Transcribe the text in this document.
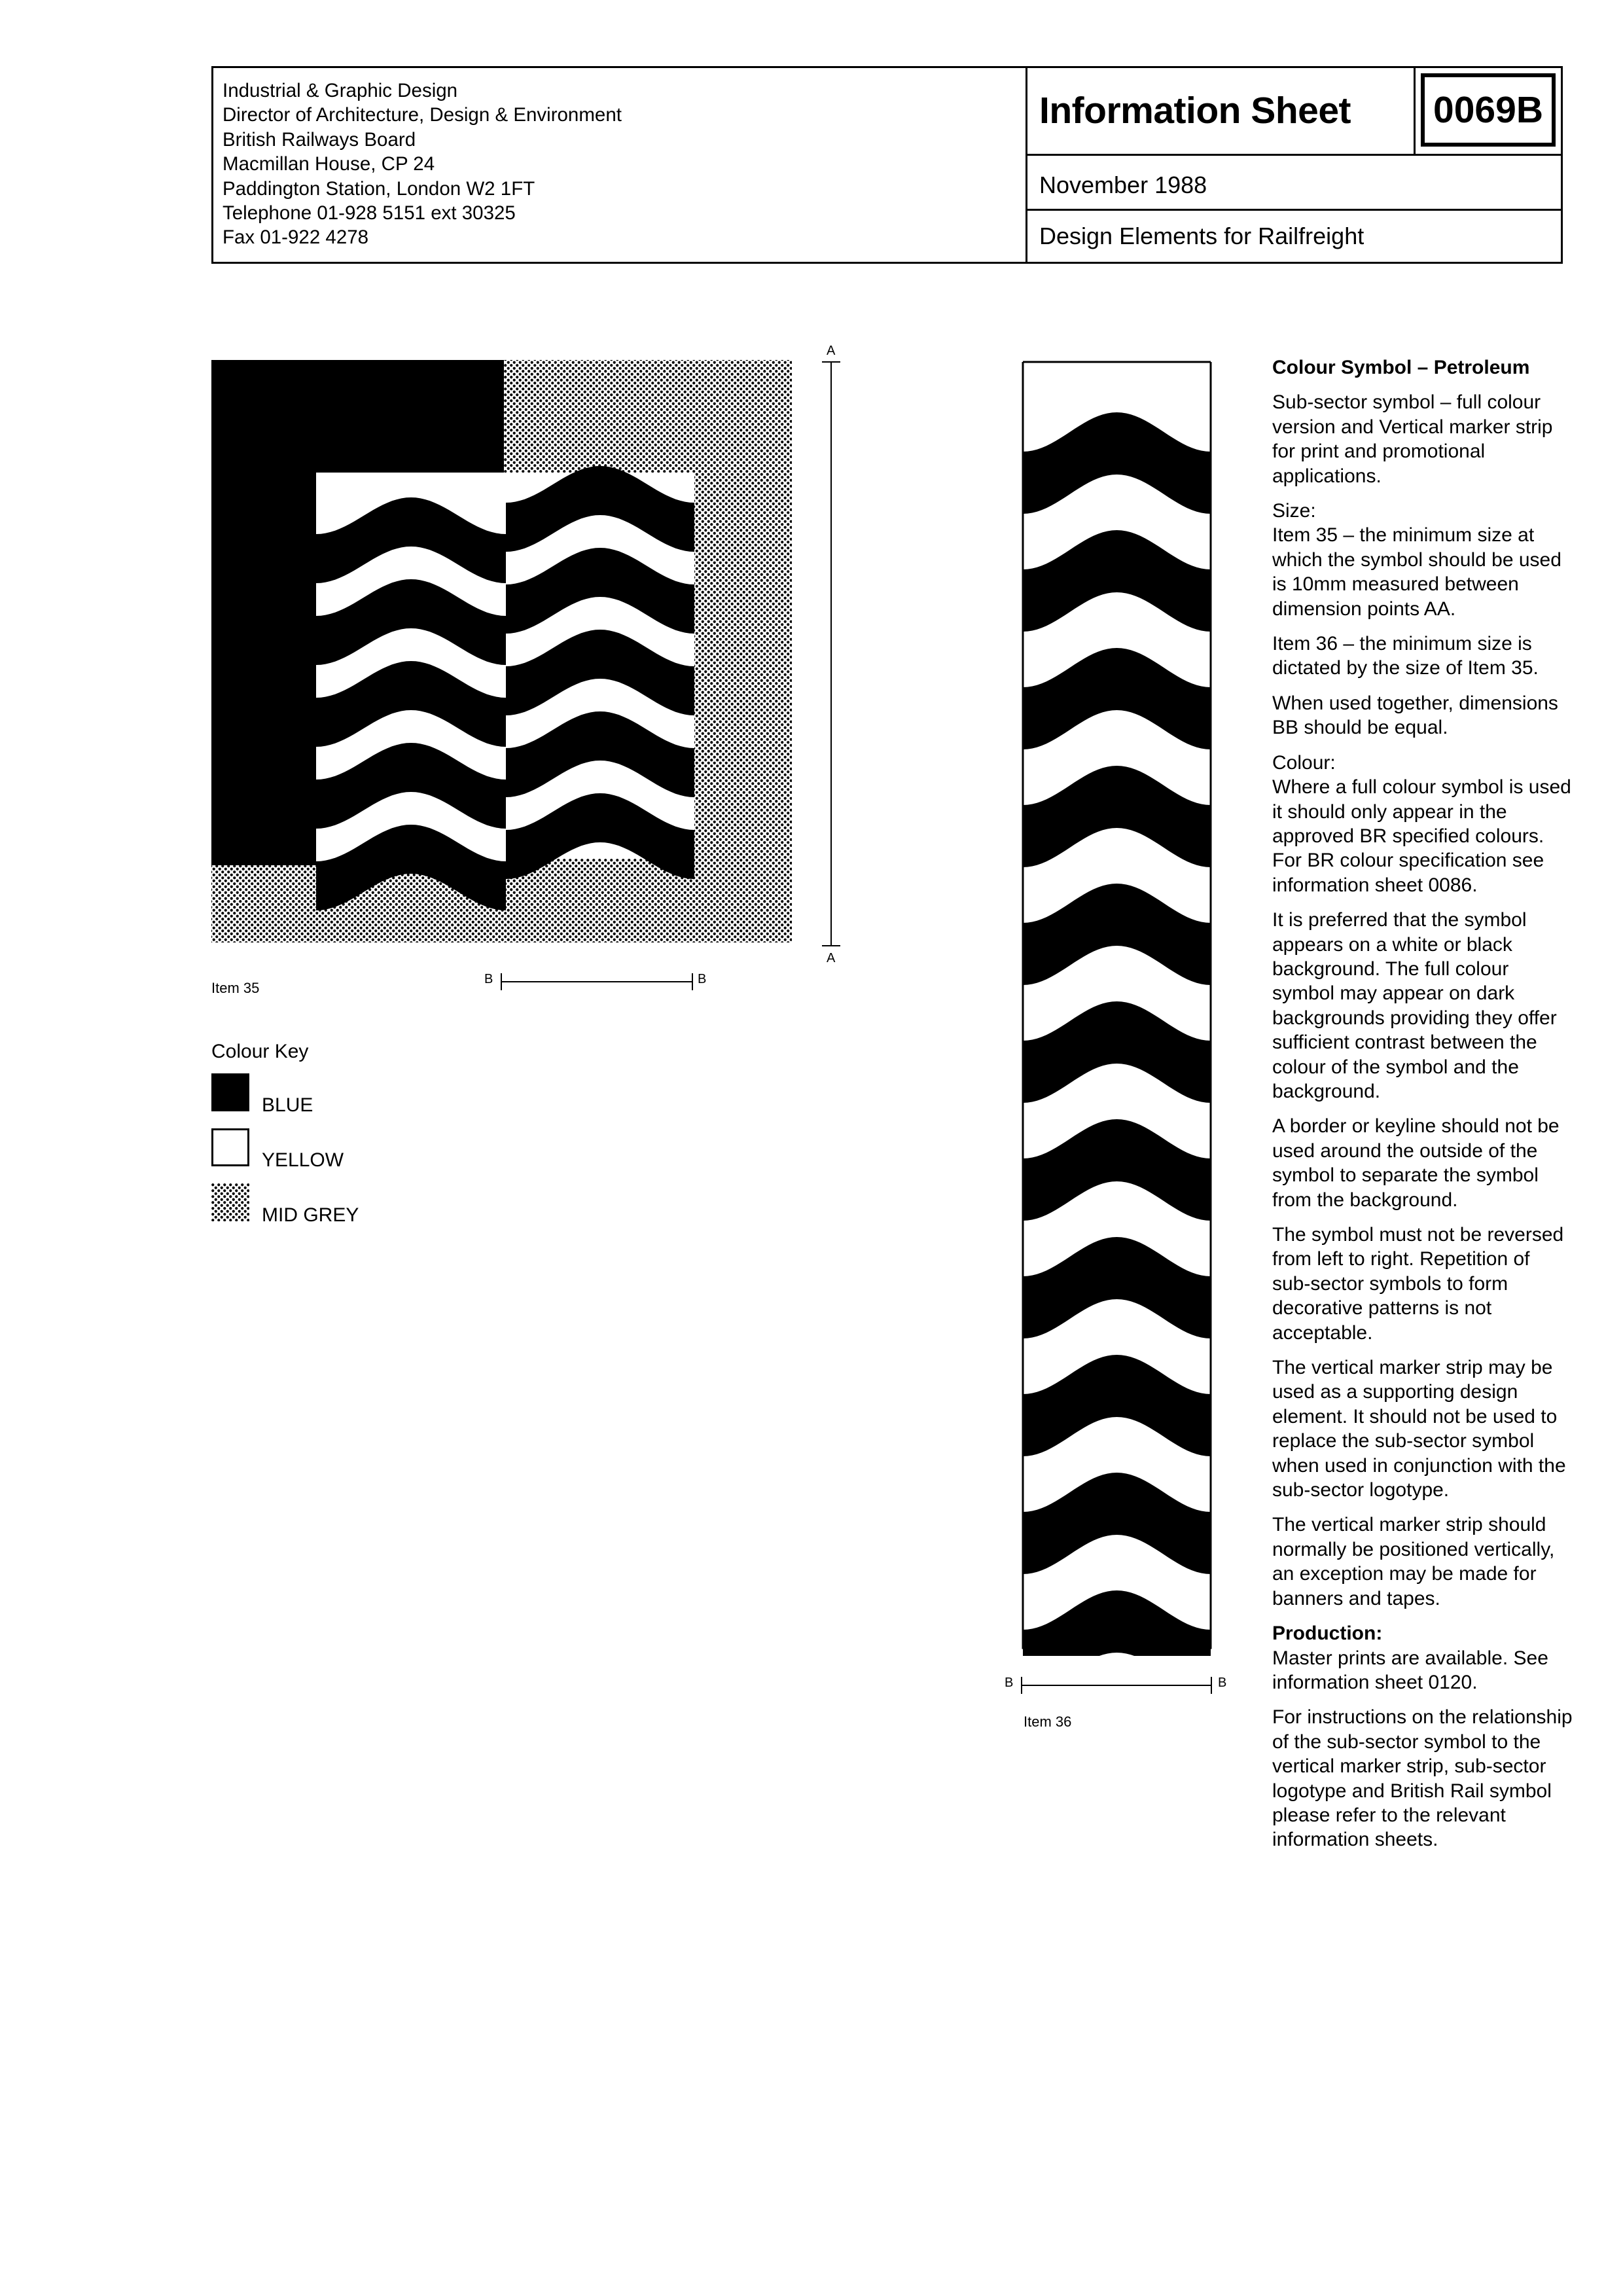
Industrial & Graphic Design
Director of Architecture, Design & Environment
British Railways Board
Macmillan House, CP 24
Paddington Station, London W2 1FT
Telephone 01-928 5151 ext 30325
Fax 01-922 4278
Information Sheet	0069B
November 1988
Design Elements for Railfreight
Item 35
B	B
A
A
Colour Key
BLUE
YELLOW
MID GREY
B	B
Item 36

Colour Symbol – Petroleum

Sub-sector symbol – full colour version and Vertical marker strip for print and promotional applications.

Size:

Item 35 – the minimum size at which the symbol should be used is 10mm measured between dimension points AA.

Item 36 – the minimum size is dictated by the size of Item 35.

When used together, dimensions BB should be equal.

Colour:

Where a full colour symbol is used it should only appear in the approved BR specified colours. For BR colour specification see information sheet 0086.

It is preferred that the symbol appears on a white or black background. The full colour symbol may appear on dark backgrounds providing they offer sufficient contrast between the colour of the symbol and the background.

A border or keyline should not be used around the outside of the symbol to separate the symbol from the background.

The symbol must not be reversed from left to right. Repetition of sub-sector symbols to form decorative patterns is not acceptable.

The vertical marker strip may be used as a supporting design element. It should not be used to replace the sub-sector symbol when used in conjunction with the sub-sector logotype.

The vertical marker strip should normally be positioned vertically, an exception may be made for banners and tapes.

Production:

Master prints are available. See information sheet 0120.

For instructions on the relationship of the sub-sector symbol to the vertical marker strip, sub-sector logotype and British Rail symbol please refer to the relevant information sheets.
